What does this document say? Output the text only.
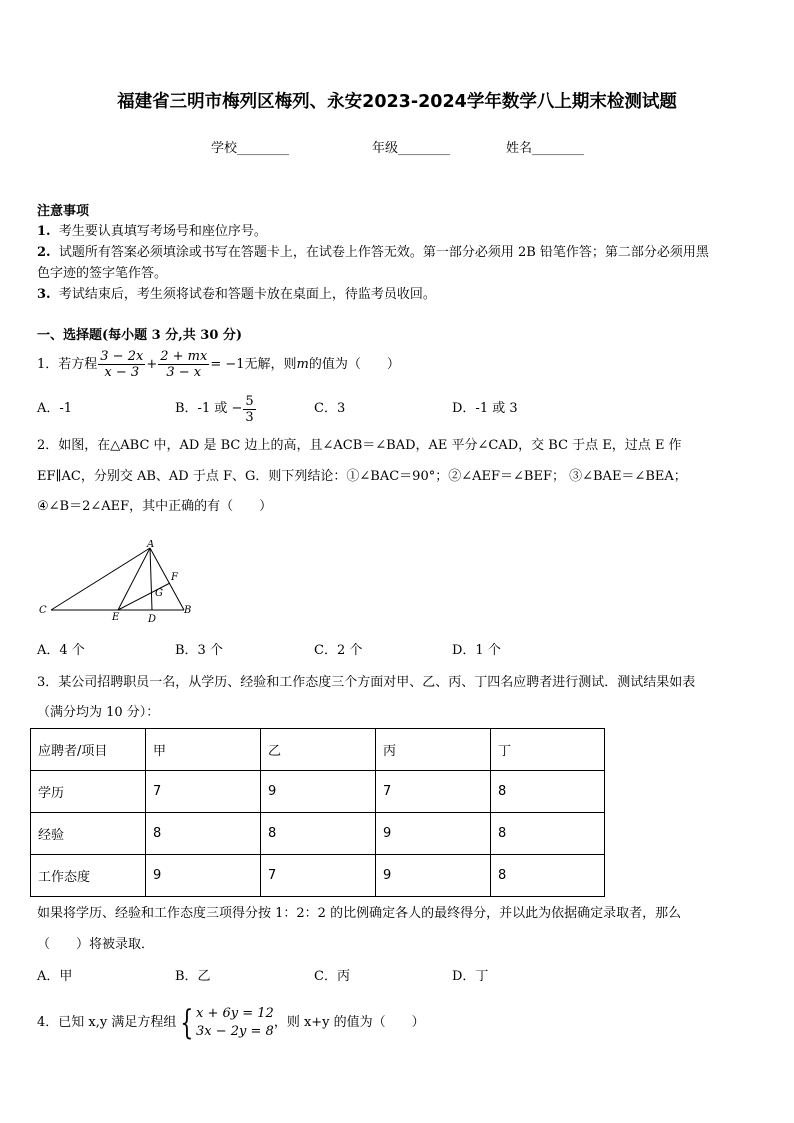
福建省三明市梅列区梅列、永安2023-2024学年数学八上期末检测试题
学校________	年级________	姓名________
注意事项
1. 考生要认真填写考场号和座位序号。
2. 试题所有答案必须填涂或书写在答题卡上，在试卷上作答无效。第一部分必须用 2B 铅笔作答；第二部分必须用黑
色字迹的签字笔作答。
3. 考试结束后，考生须将试卷和答题卡放在桌面上，待监考员收回。
一、选择题(每小题 3 分,共 30 分)
1．若方程 $\frac{3 - 2x}{x - 3} + \frac{2 + mx}{3 - x} = -1$无解，则 m 的值为（　　）
A．-1	B．-1 或 − $\frac{5}{3}$	C．3	D．-1 或 3
2．如图，在△ABC 中，AD 是 BC 边上的高，且∠ACB＝∠BAD，AE 平分∠CAD，交 BC 于点 E，过点 E 作
EF∥AC，分别交 AB、AD 于点 F、G．则下列结论：①∠BAC＝90°；②∠AEF＝∠BEF； ③∠BAE＝∠BEA；
④∠B＝2∠AEF，其中正确的有（　　）
A
B
C
D
E
F
G
A．4 个	B．3 个	C．2 个	D．1 个
3．某公司招聘职员一名，从学历、经验和工作态度三个方面对甲、乙、丙、丁四名应聘者进行测试．测试结果如表
（满分均为 10 分）：
应聘者/项目	甲	乙	丙	丁
学历	7	9	7	8
经验	8	8	9	8
工作态度	9	7	9	8
如果将学历、经验和工作态度三项得分按 1：2：2 的比例确定各人的最终得分，并以此为依据确定录取者，那么
（　　）将被录取．
A．甲	B．乙	C．丙	D．丁
4．已知 x,y 满足方程组 { x + 6y = 12
3x − 2y = 8
，则 x+y 的值为（　　）
